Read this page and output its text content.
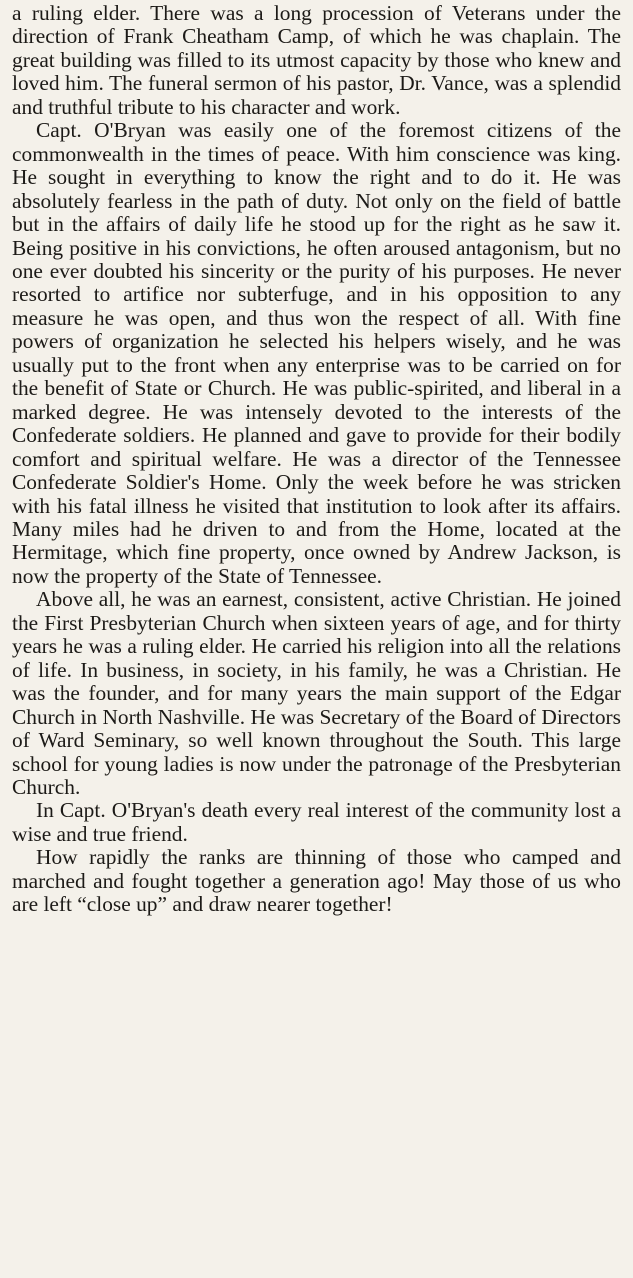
a ruling elder. There was a long procession of Veterans under the direction of Frank Cheatham Camp, of which he was chaplain. The great building was filled to its utmost capacity by those who knew and loved him. The funeral sermon of his pastor, Dr. Vance, was a splendid and truthful tribute to his character and work.

Capt. O'Bryan was easily one of the foremost citizens of the commonwealth in the times of peace. With him conscience was king. He sought in everything to know the right and to do it. He was absolutely fearless in the path of duty. Not only on the field of battle but in the affairs of daily life he stood up for the right as he saw it. Being positive in his convictions, he often aroused antagonism, but no one ever doubted his sincerity or the purity of his purposes. He never resorted to artifice nor subterfuge, and in his opposition to any measure he was open, and thus won the respect of all. With fine powers of organization he selected his helpers wisely, and he was usually put to the front when any enterprise was to be carried on for the benefit of State or Church. He was public-spirited, and liberal in a marked degree. He was intensely devoted to the interests of the Confederate soldiers. He planned and gave to provide for their bodily comfort and spiritual welfare. He was a director of the Tennessee Confederate Soldier's Home. Only the week before he was stricken with his fatal illness he visited that institution to look after its affairs. Many miles had he driven to and from the Home, located at the Hermitage, which fine property, once owned by Andrew Jackson, is now the property of the State of Tennessee.

Above all, he was an earnest, consistent, active Christian. He joined the First Presbyterian Church when sixteen years of age, and for thirty years he was a ruling elder. He carried his religion into all the relations of life. In business, in society, in his family, he was a Christian. He was the founder, and for many years the main support of the Edgar Church in North Nashville. He was Secretary of the Board of Directors of Ward Seminary, so well known throughout the South. This large school for young ladies is now under the patronage of the Presbyterian Church.

In Capt. O'Bryan's death every real interest of the community lost a wise and true friend.

How rapidly the ranks are thinning of those who camped and marched and fought together a generation ago! May those of us who are left “close up” and draw nearer together!
